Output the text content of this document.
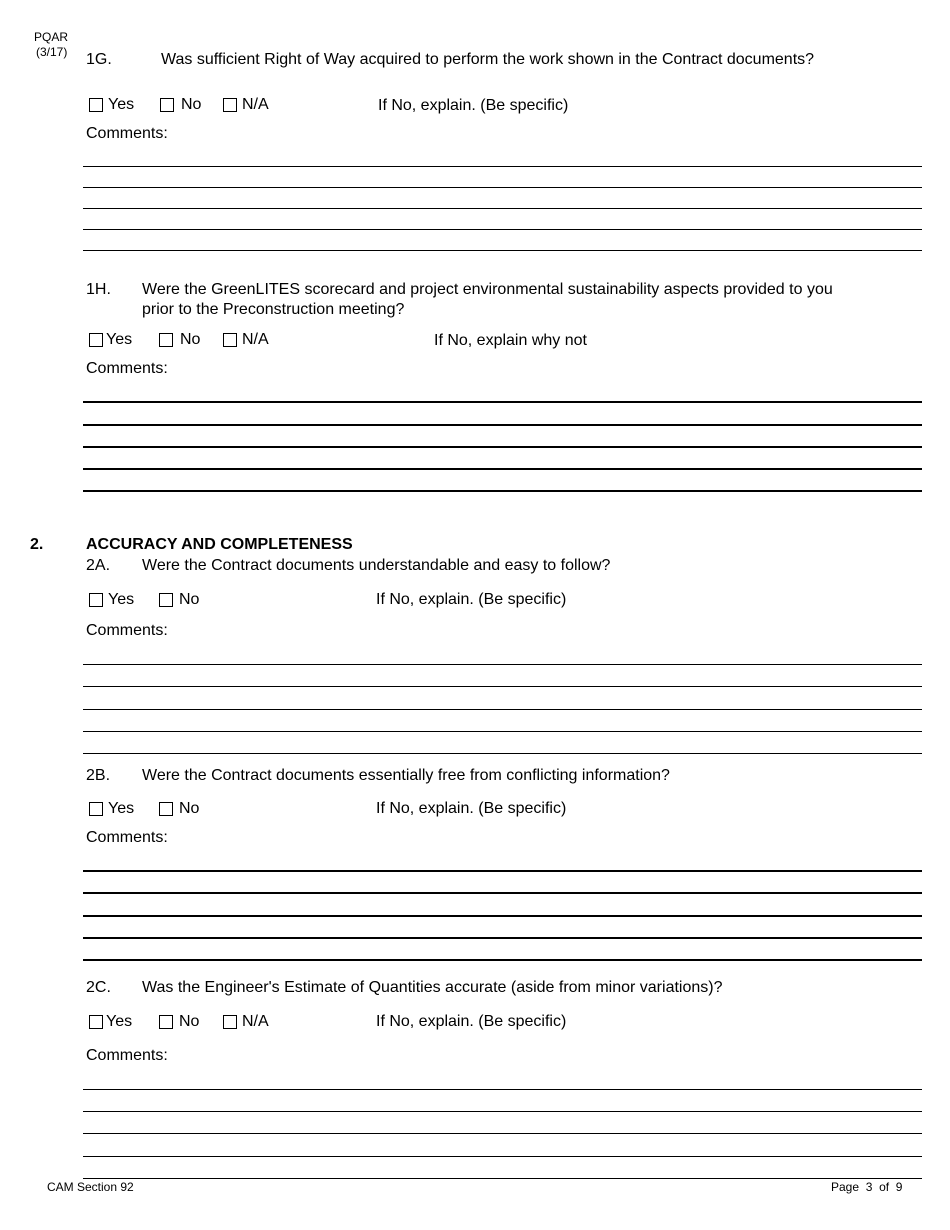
PQAR
(3/17) 1G.	Was sufficient Right of Way acquired to perform the work shown in the Contract documents?
Yes	No	N/A	If No, explain. (Be specific)
Comments:
1H. Were the GreenLITES scorecard and project environmental sustainability aspects provided to you
prior to the Preconstruction meeting?
Yes	No	N/A	If No, explain why not
Comments:
2.	ACCURACY AND COMPLETENESS
2A. Were the Contract documents understandable and easy to follow?
Yes	No	If No, explain. (Be specific)
Comments:
2B. Were the Contract documents essentially free from conflicting information?
Yes	No	If No, explain. (Be specific)
Comments:
2C. Was the Engineer's Estimate of Quantities accurate (aside from minor variations)?
Yes	No	N/A	If No, explain. (Be specific)
Comments:
CAM Section 92	Page 3 of 9
